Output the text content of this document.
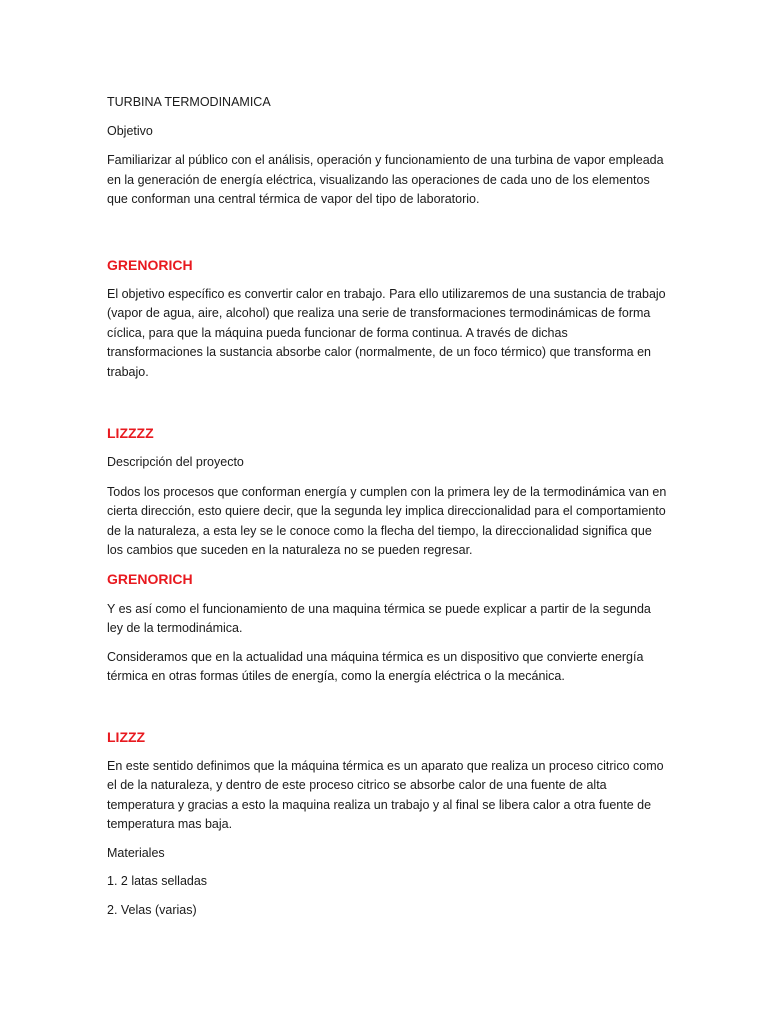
TURBINA TERMODINAMICA

Objetivo

Familiarizar al público con el análisis, operación y funcionamiento de una turbina de vapor empleada en la generación de energía eléctrica, visualizando las operaciones de cada uno de los elementos que conforman una central térmica de vapor del tipo de laboratorio.

GRENORICH

El objetivo específico es convertir calor en trabajo. Para ello utilizaremos de una sustancia de trabajo (vapor de agua, aire, alcohol) que realiza una serie de transformaciones termodinámicas de forma cíclica, para que la máquina pueda funcionar de forma continua. A través de dichas transformaciones la sustancia absorbe calor (normalmente, de un foco térmico) que transforma en trabajo.

LIZZZZ

Descripción del proyecto

Todos los procesos que conforman energía y cumplen con la primera ley de la termodinámica van en cierta dirección, esto quiere decir, que la segunda ley implica direccionalidad para el comportamiento de la naturaleza, a esta ley se le conoce como la flecha del tiempo, la direccionalidad significa que los cambios que suceden en la naturaleza no se pueden regresar.

GRENORICH

Y es así como el funcionamiento de una maquina térmica se puede explicar a partir de la segunda ley de la termodinámica.

Consideramos que en la actualidad una máquina térmica es un dispositivo que convierte energía térmica en otras formas útiles de energía, como la energía eléctrica o la mecánica.

LIZZZ

En este sentido definimos que la máquina térmica es un aparato que realiza un proceso citrico como el de la naturaleza, y dentro de este proceso citrico se absorbe calor de una fuente de alta temperatura y gracias a esto la maquina realiza un trabajo y al final se libera calor a otra fuente de temperatura mas baja.

Materiales

1. 2 latas selladas

2. Velas (varias)
